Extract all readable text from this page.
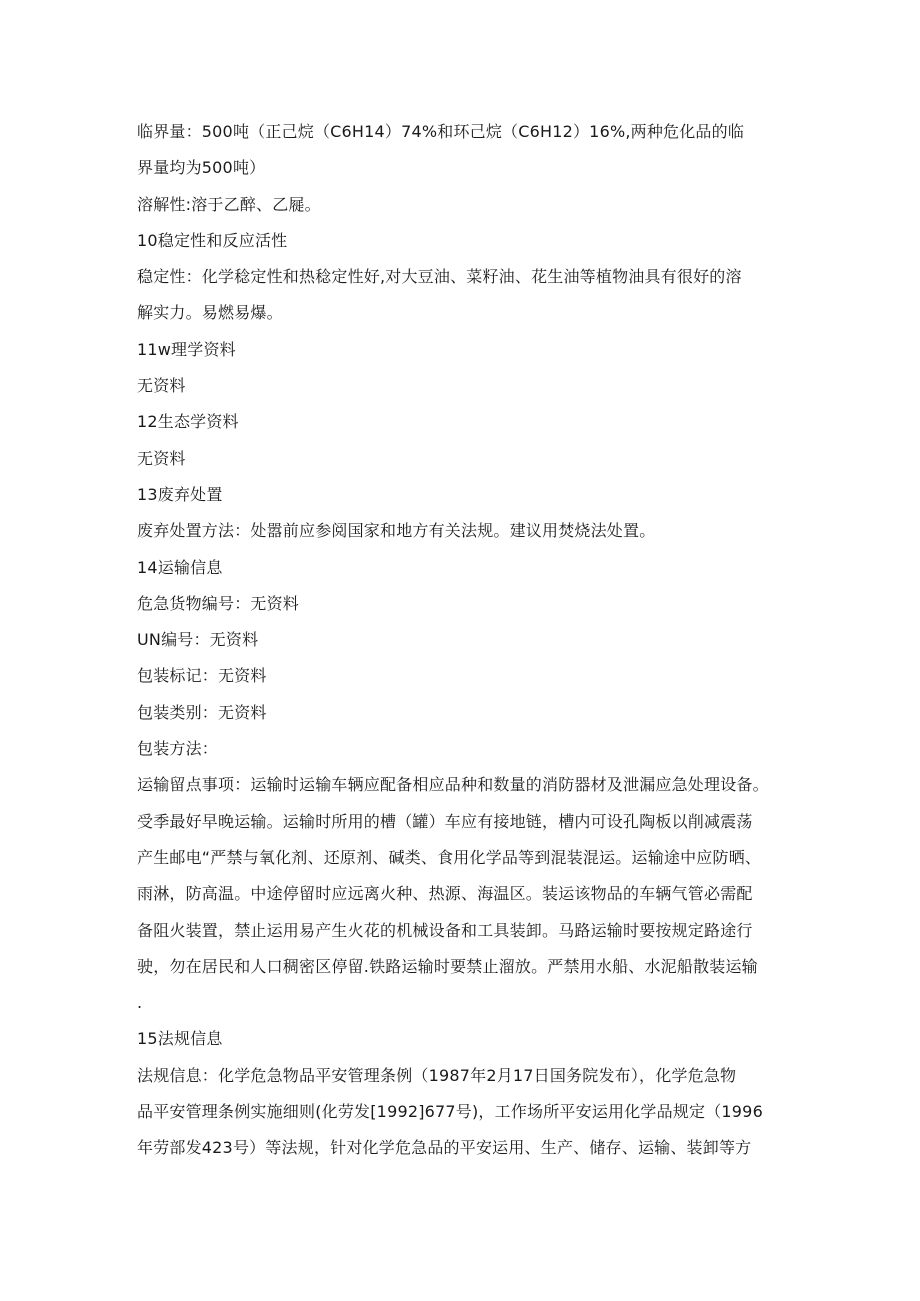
临界量：500吨（正己烷（C6H14）74%和环己烷（C6H12）16%,两种危化品的临

界量均为500吨）

溶解性:溶于乙醉、乙屣。

10稳定性和反应活性

稳定性：化学稔定性和热稔定性好,对大豆油、菜籽油、花生油等植物油具有很好的溶

解实力。易燃易爆。

11w理学资料

无资料

12生态学资料

无资料

13废弃处置

废弃处置方法：处嚣前应参阅国家和地方有关法规。建议用焚烧法处置。

14运输信息

危急货物编号：无资料

UN编号：无资料

包装标记：无资料

包装类别：无资料

包装方法：

运输留点事项：运输时运输车辆应配备相应品种和数量的消防器材及泄漏应急处理设备。

受季最好早晚运输。运输时所用的槽（罐）车应有接地链，槽内可设孔陶板以削减震荡

产生邮电“严禁与氧化剂、还原剂、碱类、食用化学品等到混装混运。运输途中应防晒、

雨淋，防高温。中途停留时应远离火种、热源、海温区。装运该物品的车辆气管必需配

备阻火装置，禁止运用易产生火花的机械设备和工具装卸。马路运输时要按规定路途行

驶，勿在居民和人口稠密区停留.铁路运输时要禁止溜放。严禁用水船、水泥船散装运输

.

15法规信息

法规信息：化学危急物品平安管理条例（1987年2月17日国务院发布），化学危急物

品平安管理条例实施细则(化劳发[1992]677号)，工作场所平安运用化学品规定（1996

年劳部发423号）等法规，针对化学危急品的平安运用、生产、储存、运输、装卸等方
